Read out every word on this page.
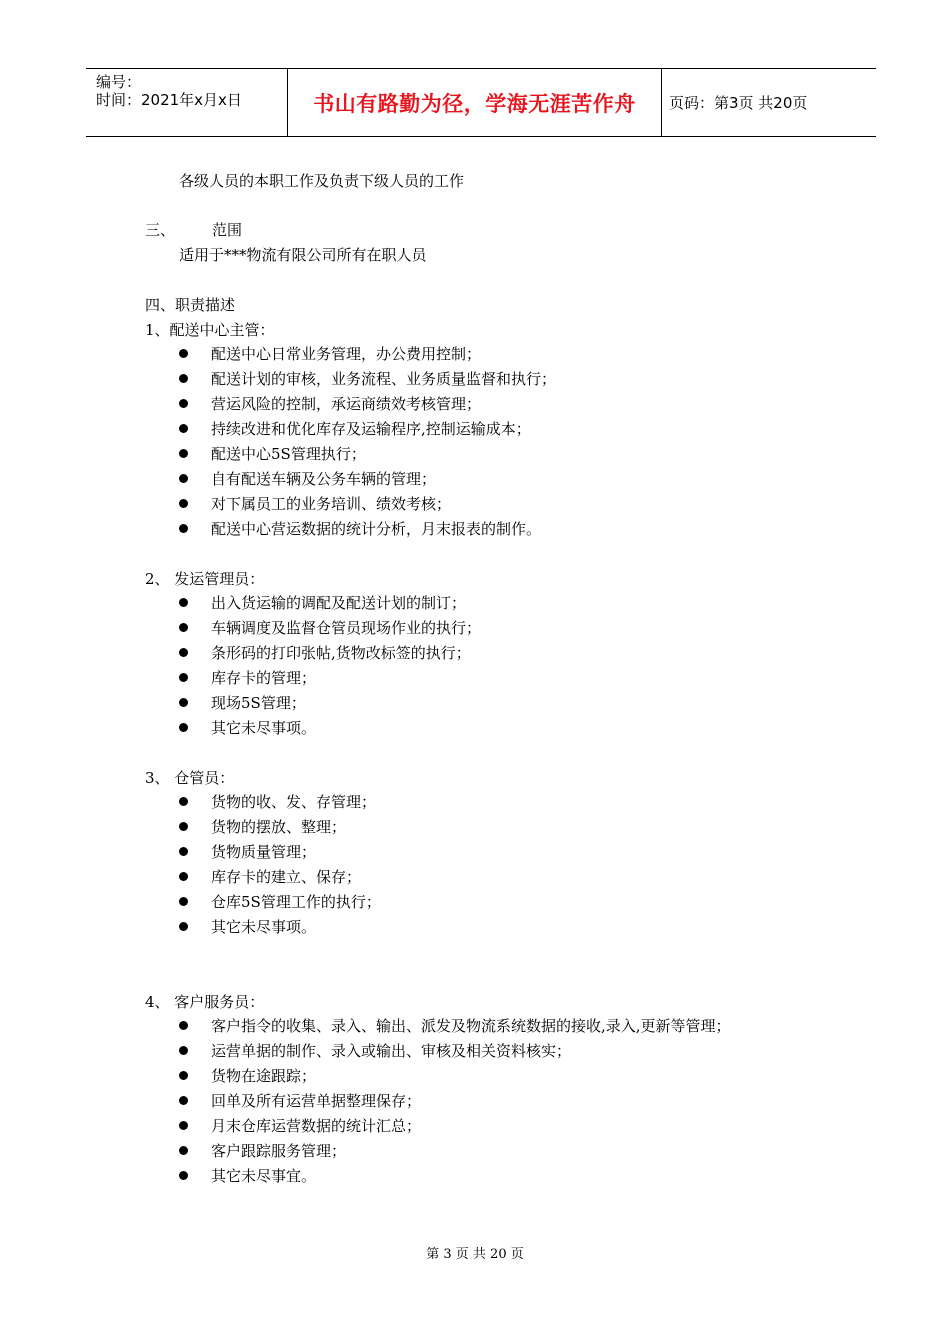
编号：
时间：2021年x月x日	书山有路勤为径，学海无涯苦作舟	页码：第3页 共20页
各级人员的本职工作及负责下级人员的工作
三、 范围
适用于***物流有限公司所有在职人员
四、职责描述
1、配送中心主管：
配送中心日常业务管理，办公费用控制；
配送计划的审核，业务流程、业务质量监督和执行；
营运风险的控制，承运商绩效考核管理；
持续改进和优化库存及运输程序,控制运输成本；
配送中心5S管理执行；
自有配送车辆及公务车辆的管理；
对下属员工的业务培训、绩效考核；
配送中心营运数据的统计分析，月末报表的制作。
2、 发运管理员：
出入货运输的调配及配送计划的制订；
车辆调度及监督仓管员现场作业的执行；
条形码的打印张帖,货物改标签的执行；
库存卡的管理；
现场5S管理；
其它未尽事项。
3、 仓管员：
货物的收、发、存管理；
货物的摆放、整理；
货物质量管理；
库存卡的建立、保存；
仓库5S管理工作的执行；
其它未尽事项。
4、 客户服务员：
客户指令的收集、录入、输出、派发及物流系统数据的接收,录入,更新等管理；
运营单据的制作、录入或输出、审核及相关资料核实；
货物在途跟踪；
回单及所有运营单据整理保存；
月末仓库运营数据的统计汇总；
客户跟踪服务管理；
其它未尽事宜。
第 3 页 共 20 页
